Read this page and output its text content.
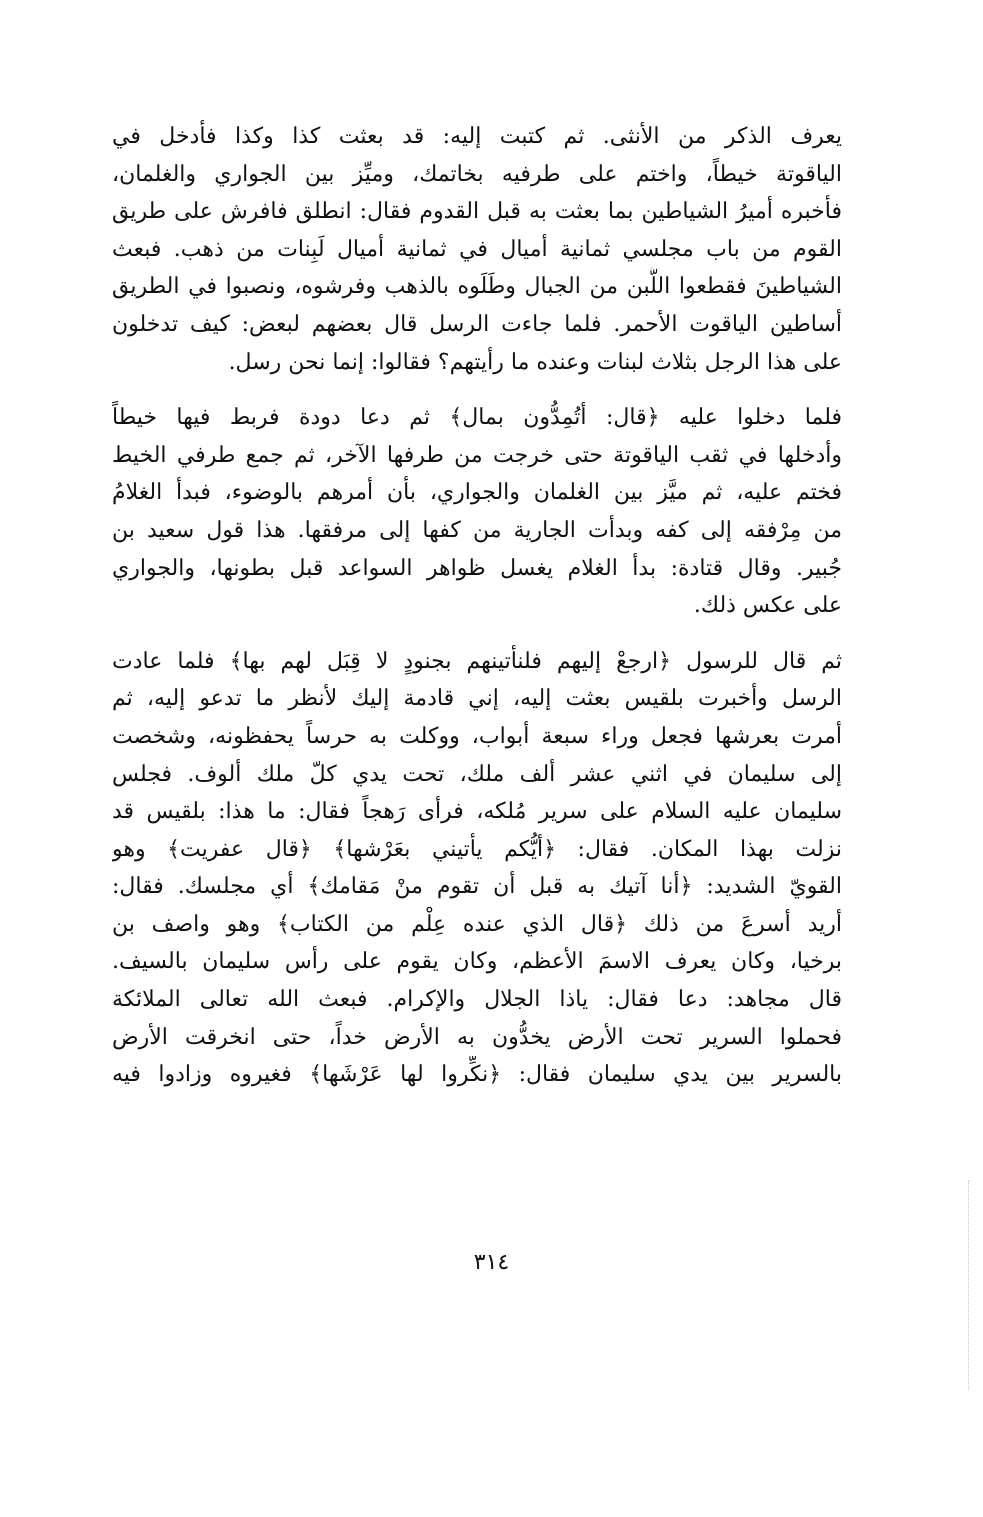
يعرف الذكر من الأنثى. ثم كتبت إليه: قد بعثت كذا وكذا فأدخل في
الياقوتة خيطاً، واختم على طرفيه بخاتمك، وميِّز بين الجواري والغلمان،
فأخبره أميرُ الشياطين بما بعثت به قبل القدوم فقال: انطلق فافرش على طريق
القوم من باب مجلسي ثمانية أميال في ثمانية أميال لَبِنات من ذهب. فبعث
الشياطينَ فقطعوا اللَّبن من الجبال وطَلَوه بالذهب وفرشوه، ونصبوا في الطريق
أساطين الياقوت الأحمر. فلما جاءت الرسل قال بعضهم لبعض: كيف تدخلون
على هذا الرجل بثلاث لبنات وعنده ما رأيتهم؟ فقالوا: إنما نحن رسل.
فلما دخلوا عليه ﴿قال: أتُمِدُّون بمال﴾ ثم دعا دودة فربط فيها خيطاً
وأدخلها في ثقب الياقوتة حتى خرجت من طرفها الآخر، ثم جمع طرفي الخيط
فختم عليه، ثم ميَّز بين الغلمان والجواري، بأن أمرهم بالوضوء، فبدأ الغلامُ
من مِرْفقه إلى كفه وبدأت الجارية من كفها إلى مرفقها. هذا قول سعيد بن
جُبير. وقال قتادة: بدأ الغلام يغسل ظواهر السواعد قبل بطونها، والجواري
على عكس ذلك.
ثم قال للرسول ﴿ارجعْ إليهم فلنأتينهم بجنودٍ لا قِبَل لهم بها﴾ فلما عادت
الرسل وأخبرت بلقيس بعثت إليه، إني قادمة إليك لأنظر ما تدعو إليه، ثم
أمرت بعرشها فجعل وراء سبعة أبواب، ووكلت به حرساً يحفظونه، وشخصت
إلى سليمان في اثني عشر ألف ملك، تحت يدي كلّ ملك ألوف. فجلس
سليمان عليه السلام على سرير مُلكه، فرأى رَهجاً فقال: ما هذا: بلقيس قد
نزلت بهذا المكان. فقال: ﴿أيُّكم يأتيني بعَرْشها﴾ ﴿قال عفريت﴾ وهو
القويّ الشديد: ﴿أنا آتيك به قبل أن تقوم منْ مَقامك﴾ أي مجلسك. فقال:
أريد أسرعَ من ذلك ﴿قال الذي عنده عِلْم من الكتاب﴾ وهو واصف بن
برخيا، وكان يعرف الاسمَ الأعظم، وكان يقوم على رأس سليمان بالسيف.
قال مجاهد: دعا فقال: ياذا الجلال والإكرام. فبعث الله تعالى الملائكة
فحملوا السرير تحت الأرض يخدُّون به الأرض خداً، حتى انخرقت الأرض
بالسرير بين يدي سليمان فقال: ﴿نكِّروا لها عَرْشَها﴾ فغيروه وزادوا فيه
٣١٤
